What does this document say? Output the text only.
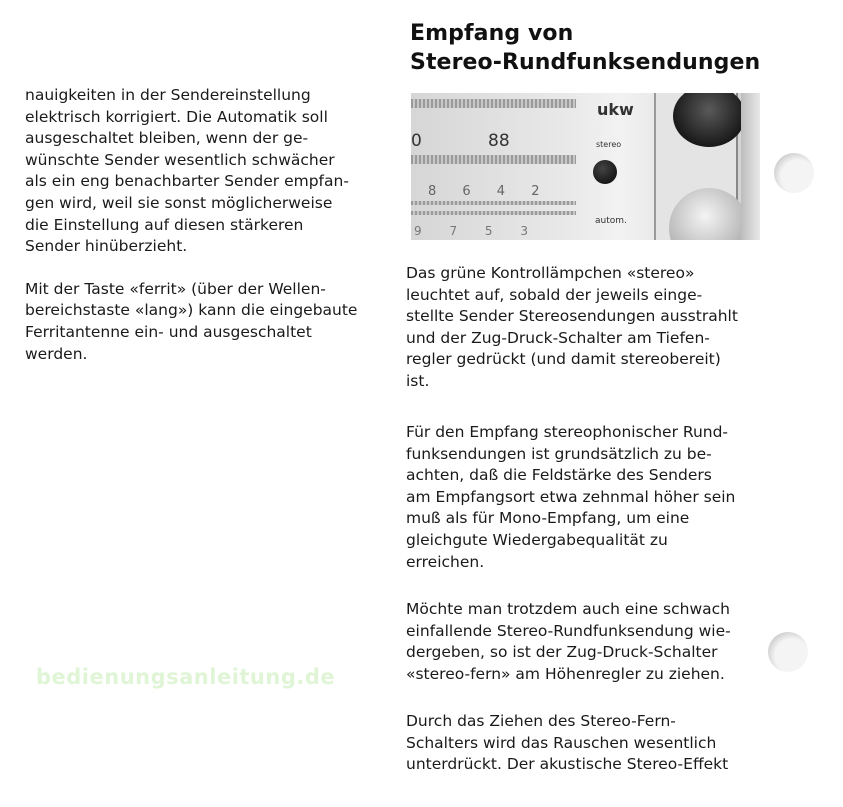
Empfang von
Stereo-Rundfunksendungen

nauigkeiten in der Sendereinstellung
elektrisch korrigiert. Die Automatik soll
ausgeschaltet bleiben, wenn der ge-
wünschte Sender wesentlich schwächer
als ein eng benachbarter Sender empfan-
gen wird, weil sie sonst möglicherweise
die Einstellung auf diesen stärkeren
Sender hinüberzieht.

Mit der Taste «ferrit» (über der Wellen-
bereichstaste «lang») kann die eingebaute
Ferritantenne ein- und ausgeschaltet
werden.

bedienungsanleitung.de
0	88
8 6 4 2
9 7 5 3
ukw
stereo
autom.

Das grüne Kontrollämpchen «stereo»
leuchtet auf, sobald der jeweils einge-
stellte Sender Stereosendungen ausstrahlt
und der Zug-Druck-Schalter am Tiefen-
regler gedrückt (und damit stereobereit)
ist.

Für den Empfang stereophonischer Rund-
funksendungen ist grundsätzlich zu be-
achten, daß die Feldstärke des Senders
am Empfangsort etwa zehnmal höher sein
muß als für Mono-Empfang, um eine
gleichgute Wiedergabequalität zu
erreichen.

Möchte man trotzdem auch eine schwach
einfallende Stereo-Rundfunksendung wie-
dergeben, so ist der Zug-Druck-Schalter
«stereo-fern» am Höhenregler zu ziehen.

Durch das Ziehen des Stereo-Fern-
Schalters wird das Rauschen wesentlich
unterdrückt. Der akustische Stereo-Effekt
